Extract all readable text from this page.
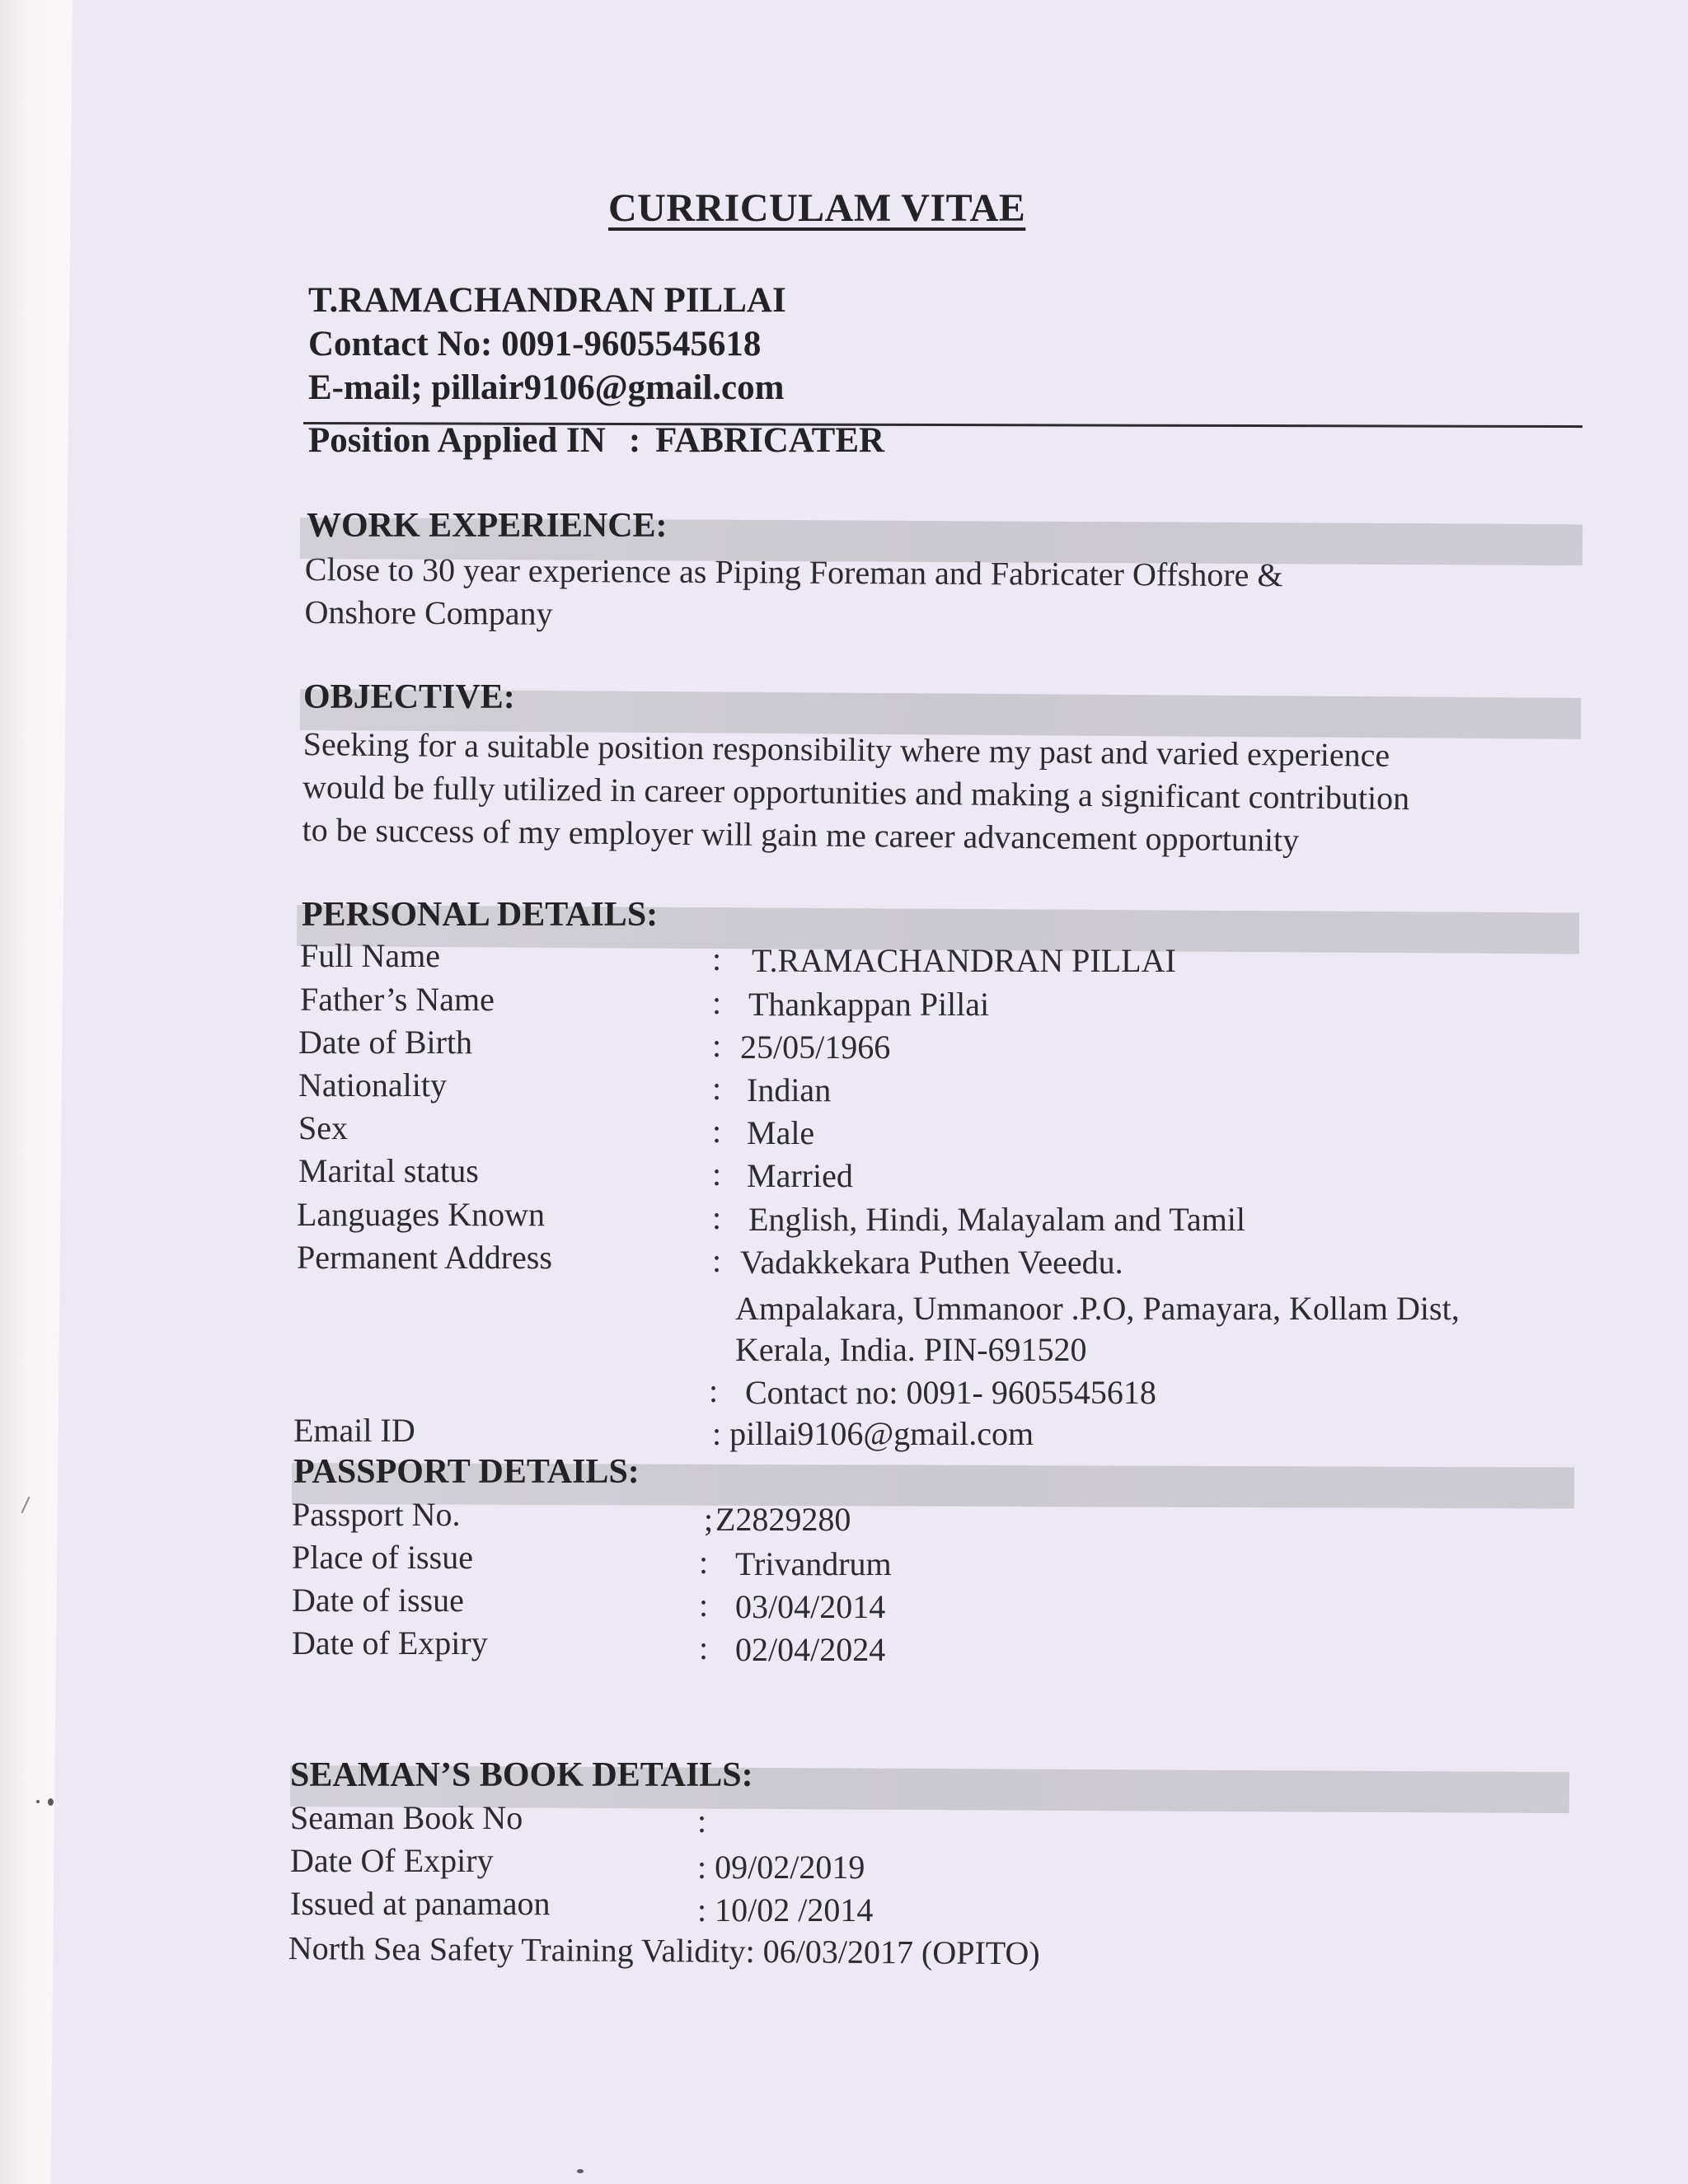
CURRICULAM VITAE
T.RAMACHANDRAN PILLAI
Contact No: 0091-9605545618
E-mail; pillair9106@gmail.com
Position Applied IN : FABRICATER
WORK EXPERIENCE:
Close to 30 year experience as Piping Foreman and Fabricater Offshore &
Onshore Company
OBJECTIVE:
Seeking for a suitable position responsibility where my past and varied experience
would be fully utilized in career opportunities and making a significant contribution
to be success of my employer will gain me career advancement opportunity
PERSONAL DETAILS:
Full Name	: T.RAMACHANDRAN PILLAI
Father’s Name	: Thankappan Pillai
Date of Birth	: 25/05/1966
Nationality	: Indian
Sex	: Male
Marital status	: Married
Languages Known	: English, Hindi, Malayalam and Tamil
Permanent Address	: Vadakkekara Puthen Veeedu.
Ampalakara, Ummanoor .P.O, Pamayara, Kollam Dist,
Kerala, India. PIN-691520
: Contact no: 0091- 9605545618
Email ID	: pillai9106@gmail.com
PASSPORT DETAILS:
Passport No.	; Z2829280
Place of issue	: Trivandrum
Date of issue	: 03/04/2014
Date of Expiry	: 02/04/2024
SEAMAN’S BOOK DETAILS:
Seaman Book No	:
Date Of Expiry	: 09/02/2019
Issued at panamaon	: 10/02 /2014
North Sea Safety Training Validity: 06/03/2017 (OPITO)
